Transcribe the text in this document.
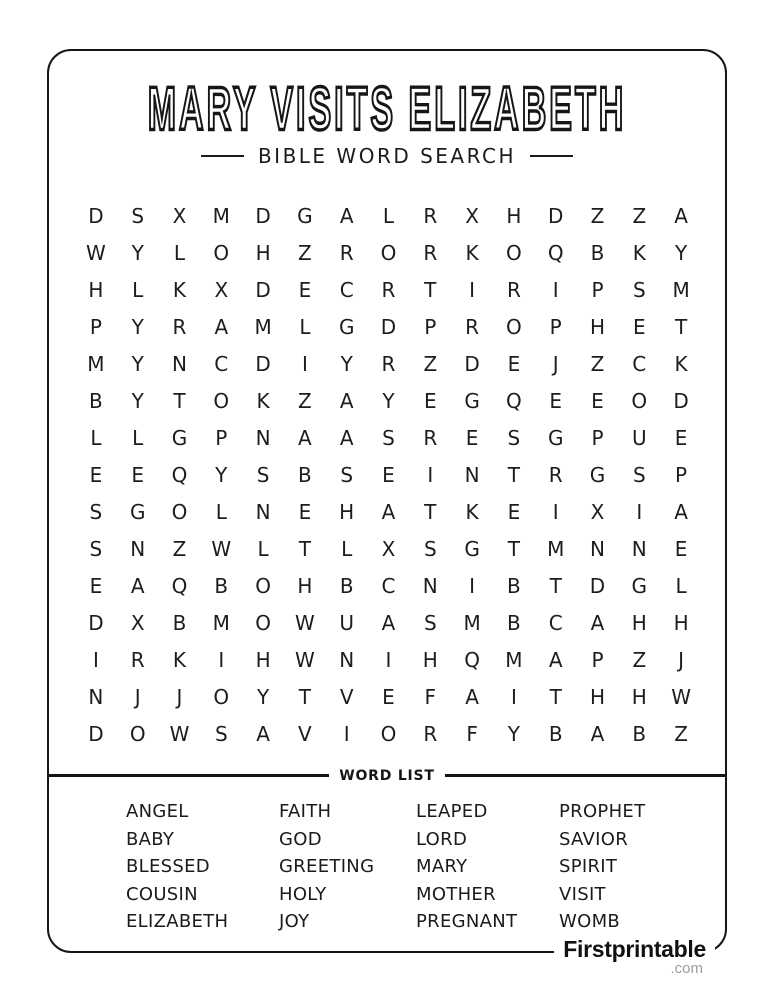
MARY VISITS ELIZABETH
BIBLE WORD SEARCH
D	S	X	M	D	G	A	L	R	X	H	D	Z	Z	A
W	Y	L	O	H	Z	R	O	R	K	O	Q	B	K	Y
H	L	K	X	D	E	C	R	T	I	R	I	P	S	M
P	Y	R	A	M	L	G	D	P	R	O	P	H	E	T
M	Y	N	C	D	I	Y	R	Z	D	E	J	Z	C	K
B	Y	T	O	K	Z	A	Y	E	G	Q	E	E	O	D
L	L	G	P	N	A	A	S	R	E	S	G	P	U	E
E	E	Q	Y	S	B	S	E	I	N	T	R	G	S	P
S	G	O	L	N	E	H	A	T	K	E	I	X	I	A
S	N	Z	W	L	T	L	X	S	G	T	M	N	N	E
E	A	Q	B	O	H	B	C	N	I	B	T	D	G	L
D	X	B	M	O	W	U	A	S	M	B	C	A	H	H
I	R	K	I	H	W	N	I	H	Q	M	A	P	Z	J
N	J	J	O	Y	T	V	E	F	A	I	T	H	H	W
D	O	W	S	A	V	I	O	R	F	Y	B	A	B	Z
WORD LIST
ANGEL
BABY
BLESSED
COUSIN
ELIZABETH
FAITH
GOD
GREETING
HOLY
JOY
LEAPED
LORD
MARY
MOTHER
PREGNANT
PROPHET
SAVIOR
SPIRIT
VISIT
WOMB
Firstprintable
.com
